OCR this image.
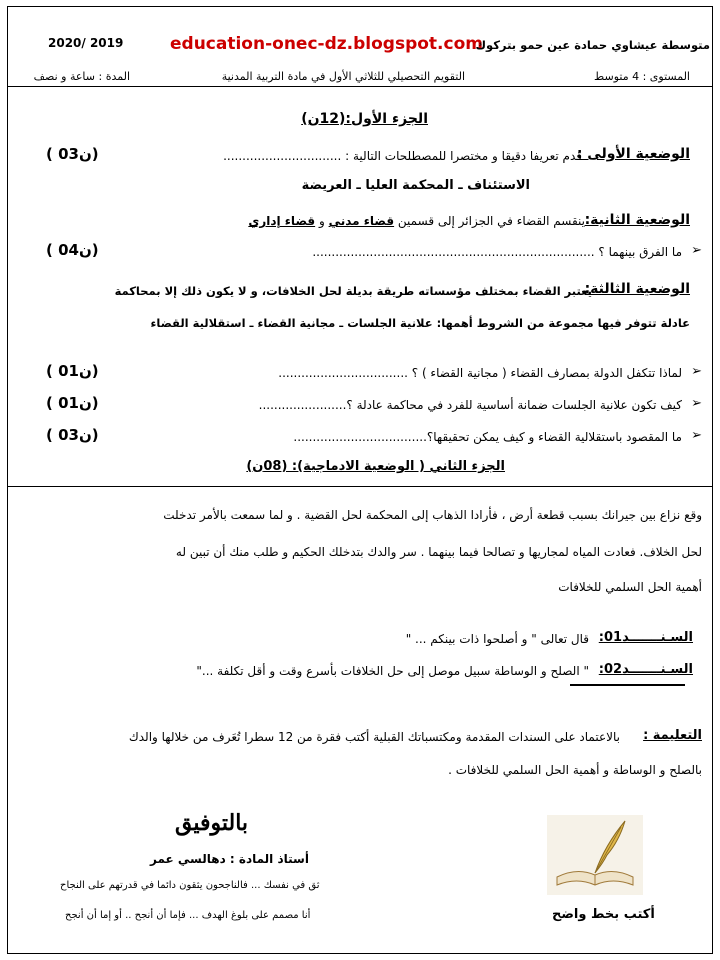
2020/ 2019	education-onec-dz.blogspot.com
متوسطة عيشاوي حمادة عين حمو بتركوك
المستوى : 4 متوسط
التقويم التحصيلي للثلاثي الأول في مادة التربية المدنية
المدة : ساعة و نصف
الجزء الأول:(12ن)
الوضعية الأولى :
قدم تعريفا دقيقا و مختصرا للمصطلحات التالية : ...............................
( 03ن)
الاستئناف ـ المحكمة العليا ـ العريضة
الوضعية الثانية:
ينقسم القضاء في الجزائر إلى قسمين قضاء مدني و قضاء إداري
➢
ما الفرق بينهما ؟ ..........................................................................
( 04ن)
الوضعية الثالثة:
يعتبر القضاء بمختلف مؤسساته طريقة بديلة لحل الخلافات، و لا يكون ذلك إلا بمحاكمة
عادلة تتوفر فيها مجموعة من الشروط أهمها: علانية الجلسات ـ مجانية القضاء ـ استقلالية القضاء
➢
لماذا تتكفل الدولة بمصارف القضاء ( مجانية القضاء ) ؟ ..................................
( 01ن)
➢
كيف تكون علانية الجلسات ضمانة أساسية للفرد في محاكمة عادلة ؟.......................
( 01ن)
➢
ما المقصود باستقلالية القضاء و كيف يمكن تحقيقها؟...................................
( 03ن)
الجزء الثاني ( الوضعية الادماجية): (08ن)
وقع نزاع بين جيرانك بسبب قطعة أرض ، فأرادا الذهاب إلى المحكمة لحل القضية . و لما سمعت بالأمر تدخلت
لحل الخلاف. فعادت المياه لمجاريها و تصالحا فيما بينهما . سر والدك بتدخلك الحكيم و طلب منك أن تبين له
أهمية الحل السلمي للخلافات
السـنـــــــد01:
قال تعالى " و أصلحوا ذات بينكم ... "
السـنـــــــد02:
" الصلح و الوساطة سبيل موصل إلى حل الخلافات بأسرع وقت و أقل تكلفة ..."
التعليمة :
بالاعتماد على السندات المقدمة ومكتسباتك القبلية أكتب فقرة من 12 سطرا تُعَرف من خلالها والدك
بالصلح و الوساطة و أهمية الحل السلمي للخلافات .
بالتوفيق
أستاذ المادة : دهالسي عمر
ثق في نفسك ... فالناجحون يثقون دائما في قدرتهم على النجاح
أنا مصمم على بلوغ الهدف ... فإما أن أنجح .. أو إما أن أنجح	أكتب بخط واضح
